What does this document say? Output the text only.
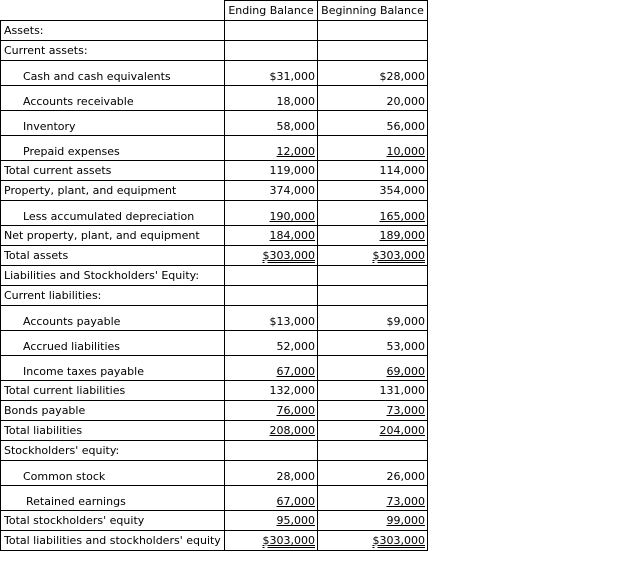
	Ending Balance	Beginning Balance
Assets:		
Current assets:		
Cash and cash equivalents	$31,000	$28,000
Accounts receivable	18,000	20,000
Inventory	58,000	56,000
Prepaid expenses	12,000	10,000
Total current assets	119,000	114,000
Property, plant, and equipment	374,000	354,000
Less accumulated depreciation	190,000	165,000
Net property, plant, and equipment	184,000	189,000
Total assets	$303,000	$303,000
Liabilities and Stockholders' Equity:		
Current liabilities:		
Accounts payable	$13,000	$9,000
Accrued liabilities	52,000	53,000
Income taxes payable	67,000	69,000
Total current liabilities	132,000	131,000
Bonds payable	76,000	73,000
Total liabilities	208,000	204,000
Stockholders' equity:		
Common stock	28,000	26,000
Retained earnings	67,000	73,000
Total stockholders' equity	95,000	99,000
Total liabilities and stockholders' equity	$303,000	$303,000
